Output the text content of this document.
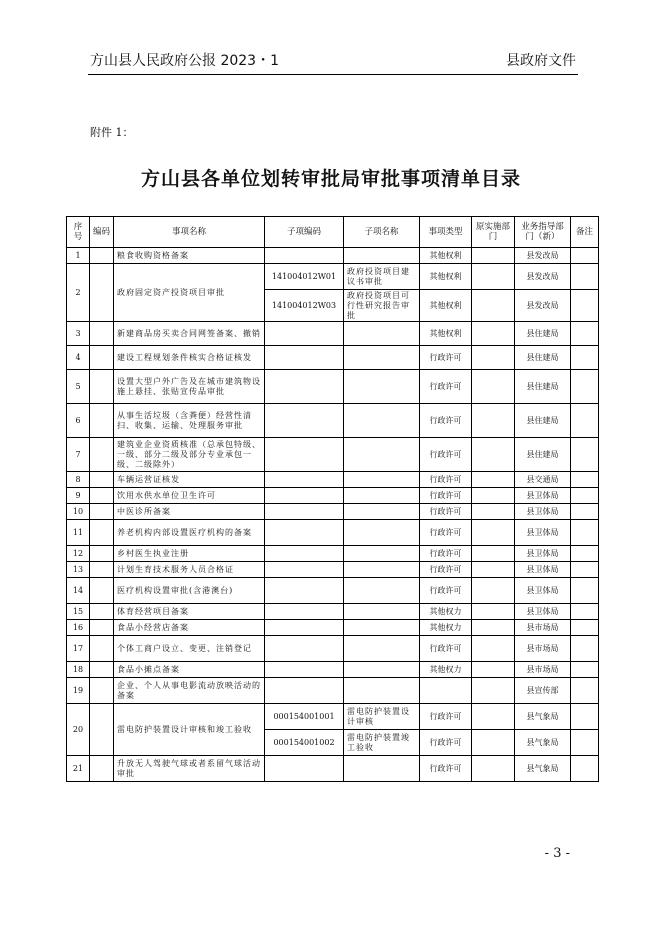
方山县人民政府公报 2023・1	县政府文件
附件 1：
方山县各单位划转审批局审批事项清单目录
序号	编码	事项名称	子项编码	子项名称	事项类型	原实施部门	业务指导部门（新）	备注
1		粮食收购资格备案			其他权利		县发改局	
2		政府固定资产投资项目审批	141004012W01	政府投资项目建议书审批	其他权利		县发改局	
			141004012W03	政府投资项目可行性研究报告审批	其他权利		县发改局	
3		新建商品房买卖合同网签备案、撤销			其他权利		县住建局	
4		建设工程规划条件核实合格证核发			行政许可		县住建局	
5		设置大型户外广告及在城市建筑物设施上悬挂、张贴宣传品审批			行政许可		县住建局	
6		从事生活垃圾（含粪便）经营性清扫、收集、运输、处理服务审批			行政许可		县住建局	
7		建筑业企业资质核准（总承包特级、一级、部分二级及部分专业承包一级、二级除外）			行政许可		县住建局	
8		车辆运营证核发			行政许可		县交通局	
9		饮用水供水单位卫生许可			行政许可		县卫体局	
10		中医诊所备案			行政许可		县卫体局	
11		养老机构内部设置医疗机构的备案			行政许可		县卫体局	
12		乡村医生执业注册			行政许可		县卫体局	
13		计划生育技术服务人员合格证			行政许可		县卫体局	
14		医疗机构设置审批(含港澳台)			行政许可		县卫体局	
15		体育经营项目备案			其他权力		县卫体局	
16		食品小经营店备案			其他权力		县市场局	
17		个体工商户设立、变更、注销登记			行政许可		县市场局	
18		食品小摊点备案			其他权力		县市场局	
19		企业、个人从事电影流动放映活动的备案					县宣传部	
20		雷电防护装置设计审核和竣工验收	000154001001	雷电防护装置设计审核	行政许可		县气象局	
			000154001002	雷电防护装置竣工验收	行政许可		县气象局	
21		升放无人驾驶气球或者系留气球活动审批			行政许可		县气象局	
- 3 -
